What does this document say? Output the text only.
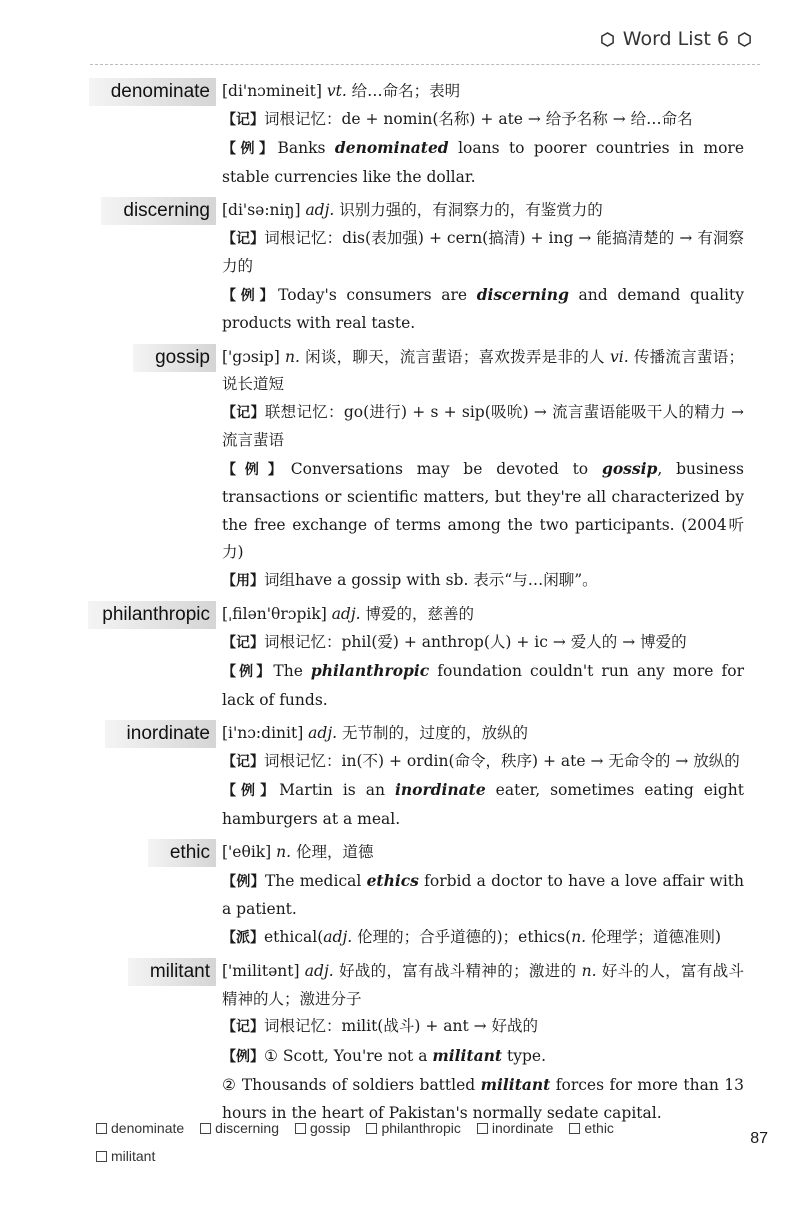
Word List 6
denominate [di'nɔmineit] vt. 给…命名；表明

【记】词根记忆：de + nomin(名称) + ate → 给予名称 → 给…命名

【例】Banks denominated loans to poorer countries in more stable currencies like the dollar.

discerning [di'sə:niŋ] adj. 识别力强的，有洞察力的，有鉴赏力的

【记】词根记忆：dis(表加强) + cern(搞清) + ing → 能搞清楚的 → 有洞察力的

【例】Today's consumers are discerning and demand quality products with real taste.

gossip ['gɔsip] n. 闲谈，聊天，流言蜚语；喜欢拨弄是非的人 vi. 传播流言蜚语；说长道短

【记】联想记忆：go(进行) + s + sip(吸吮) → 流言蜚语能吸干人的精力 → 流言蜚语

【例】Conversations may be devoted to gossip, business transactions or scientific matters, but they're all characterized by the free exchange of terms among the two participants. (2004听力)

【用】词组have a gossip with sb. 表示“与…闲聊”。

philanthropic [ˌfilən'θrɔpik] adj. 博爱的，慈善的

【记】词根记忆：phil(爱) + anthrop(人) + ic → 爱人的 → 博爱的

【例】The philanthropic foundation couldn't run any more for lack of funds.

inordinate [i'nɔ:dinit] adj. 无节制的，过度的，放纵的

【记】词根记忆：in(不) + ordin(命令，秩序) + ate → 无命令的 → 放纵的

【例】Martin is an inordinate eater, sometimes eating eight hamburgers at a meal.

ethic ['eθik] n. 伦理，道德

【例】The medical ethics forbid a doctor to have a love affair with a patient.

【派】ethical(adj. 伦理的；合乎道德的)；ethics(n. 伦理学；道德准则)

militant ['militənt] adj. 好战的，富有战斗精神的；激进的 n. 好斗的人，富有战斗精神的人；激进分子

【记】词根记忆：milit(战斗) + ant → 好战的

【例】① Scott, You're not a militant type.

② Thousands of soldiers battled militant forces for more than 13 hours in the heart of Pakistan's normally sedate capital.

denominate discerning gossip philanthropic inordinate ethic
militant
87
